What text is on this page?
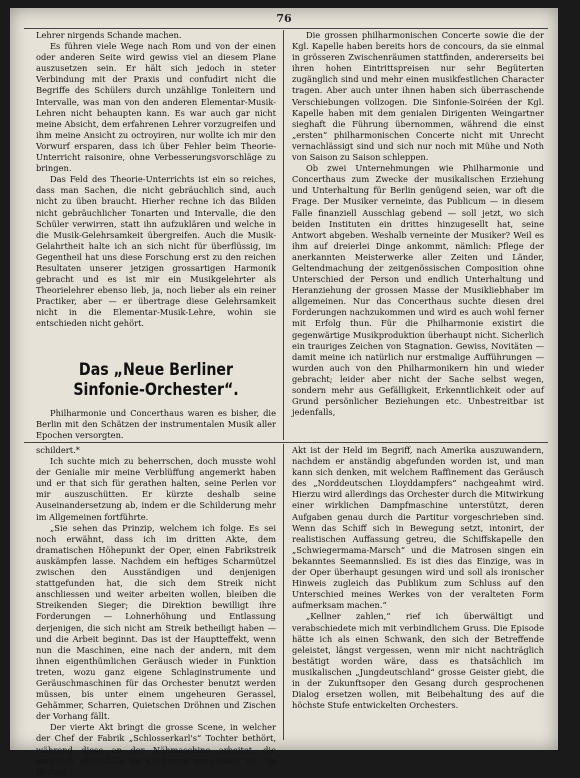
76

Lehrer nirgends Schande machen.

Es führen viele Wege nach Rom und von der einen oder anderen Seite wird gewiss viel an diesem Plane auszusetzen sein. Er hält sich jedoch in steter Verbindung mit der Praxis und confudirt nicht die Begriffe des Schülers durch unzählige Tonleitern und Intervalle, was man von den anderen Elementar-Musik-Lehren nicht behaupten kann. Es war auch gar nicht meine Absicht, dem erfahrenen Lehrer vorzugreifen und ihm meine Ansicht zu octroyiren, nur wollte ich mir den Vorwurf ersparen, dass ich über Fehler beim Theorie-Unterricht raisonire, ohne Verbesserungsvorschläge zu bringen.

Das Feld des Theorie-Unterrichts ist ein so reiches, dass man Sachen, die nicht gebräuchlich sind, auch nicht zu üben braucht. Hierher rechne ich das Bilden nicht gebräuchlicher Tonarten und Intervalle, die den Schüler verwirren, statt ihn aufzuklären und welche in die Musik-Gelehrsamkeit übergreifen. Auch die Musik-Gelahrtheit halte ich an sich nicht für überflüssig, im Gegentheil hat uns diese Forschung erst zu den reichen Resultaten unserer jetzigen grossartigen Harmonik gebracht und es ist mir ein Musikgelehrter als Theorielehrer ebenso lieb, ja, noch lieber als ein reiner Practiker, aber — er übertrage diese Gelehrsamkeit nicht in die Elementar-Musik-Lehre, wohin sie entschieden nicht gehört.

Das „Neue Berliner Sinfonie-Orchester“.

Philharmonie und Concerthaus waren es bisher, die Berlin mit den Schätzen der instrumentalen Musik aller Epochen versorgten.

Die grossen philharmonischen Concerte sowie die der Kgl. Kapelle haben bereits hors de concours, da sie einmal in grösseren Zwischenräumen stattfinden, andererseits bei ihren hohen Eintrittspreisen nur sehr Begüterten zugänglich sind und mehr einen musikfestlichen Character tragen. Aber auch unter ihnen haben sich überraschende Verschiebungen vollzogen. Die Sinfonie-Soiréen der Kgl. Kapelle haben mit dem genialen Dirigenten Weingartner sieghaft die Führung übernommen, während die einst „ersten“ philharmonischen Concerte nicht mit Unrecht vernachlässigt sind und sich nur noch mit Mühe und Noth von Saison zu Saison schleppen.

Ob zwei Unternehmungen wie Philharmonie und Concerthaus zum Zwecke der musikalischen Erziehung und Unterhaltung für Berlin genügend seien, war oft die Frage. Der Musiker verneinte, das Publicum — in diesem Falle finanziell Ausschlag gebend — soll jetzt, wo sich beiden Instituten ein drittes hinzugesellt hat, seine Antwort abgeben. Weshalb verneinte der Musiker? Weil es ihm auf dreierlei Dinge ankommt, nämlich: Pflege der anerkannten Meisterwerke aller Zeiten und Länder, Geltendmachung der zeitgenössischen Composition ohne Unterschied der Person und endlich Unterhaltung und Heranziehung der grossen Masse der Musikliebhaber im allgemeinen. Nur das Concerthaus suchte diesen drei Forderungen nachzukommen und wird es auch wohl ferner mit Erfolg thun. Für die Philharmonie existirt die gegenwärtige Musikproduktion überhaupt nicht. Sicherlich ein trauriges Zeichen von Stagnation. Gewiss, Novitäten — damit meine ich natürlich nur erstmalige Aufführungen — wurden auch von den Philharmonikern hin und wieder gebracht; leider aber nicht der Sache selbst wegen, sondern mehr aus Gefälligkeit, Erkenntlichkeit oder auf Grund persönlicher Beziehungen etc. Unbestreitbar ist jedenfalls,

schildert.*

Ich suchte mich zu beherrschen, doch musste wohl der Genialie mir meine Verblüffung angemerkt haben und er that sich für gerathen halten, seine Perlen vor mir auszuschütten. Er kürzte deshalb seine Auseinandersetzung ab, indem er die Schilderung mehr im Allgemeinen fortführte.

„Sie sehen das Prinzip, welchem ich folge. Es sei noch erwähnt, dass ich im dritten Akte, dem dramatischen Höhepunkt der Oper, einen Fabrikstreik auskämpfen lasse. Nachdem ein heftiges Scharmützel zwischen den Ausständigen und denjenigen stattgefunden hat, die sich dem Streik nicht anschliessen und weiter arbeiten wollen, bleiben die Streikenden Sieger; die Direktion bewilligt ihre Forderungen — Lohnerhöhung und Entlassung derjenigen, die sich nicht am Streik betheiligt haben — und die Arbeit beginnt. Das ist der Hauptteffekt, wenn nun die Maschinen, eine nach der andern, mit dem ihnen eigenthümlichen Geräusch wieder in Funktion treten, wozu ganz eigene Schlaginstrumente und Geräuschmaschinen für das Orchester benutzt werden müssen, bis unter einem ungeheuren Gerassel, Gehämmer, Scharren, Quietschen Dröhnen und Zischen der Vorhang fällt.

Der vierte Akt bringt die grosse Scene, in welcher der Chef der Fabrik „Schlosserkarl's“ Tochter bethört, während diese an der Nähmaschine arbeitet, die natürlich gleichfalls im Orchester verwendet ist. Im fünften

Akt ist der Held im Begriff, nach Amerika auszuwandern, nachdem er anständig abgefunden worden ist, und man kann sich denken, mit welchem Raffinement das Geräusch des „Norddeutschen Lloyddampfers“ nachgeahmt wird. Hierzu wird allerdings das Orchester durch die Mitwirkung einer wirklichen Dampfmaschine unterstützt, deren Aufgaben genau durch die Partitur vorgeschrieben sind. Wenn das Schiff sich in Bewegung setzt, intonirt, der realistischen Auffassung getreu, die Schiffskapelle den „Schwiegermama-Marsch“ und die Matrosen singen ein bekanntes Seemannslied. Es ist dies das Einzige, was in der Oper überhaupt gesungen wird und soll als ironischer Hinweis zugleich das Publikum zum Schluss auf den Unterschied meines Werkes von der veralteten Form aufmerksam machen.“

„Kellner zahlen,“ rief ich überwältigt und verabschiedete mich mit verbindlichem Gruss. Die Episode hätte ich als einen Schwank, den sich der Betreffende geleistet, längst vergessen, wenn mir nicht nachträglich bestätigt worden wäre, dass es thatsächlich im musikalischen „Jungdeutschland“ grosse Geister giebt, die in der Zukunftsoper den Gesang durch gesprochenen Dialog ersetzen wollen, mit Beibehaltung des auf die höchste Stufe entwickelten Orchesters.
